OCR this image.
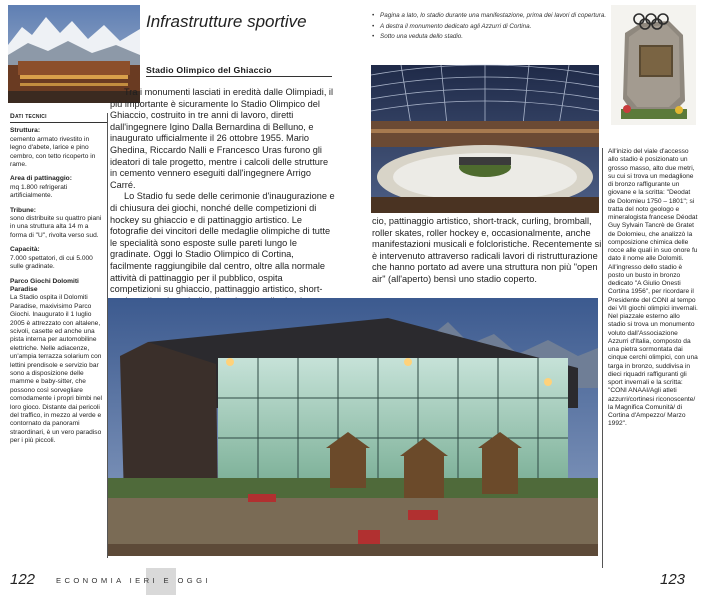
Infrastrutture sportive
•	Pagina a lato, lo stadio durante una manifestazione, prima dei lavori di copertura.
• A destra il monumento dedicato agli Azzurri di Cortina.
• Sotto una veduta dello stadio.
Dati tecnici
Struttura:
cemento armato rivestito in legno d'abete, larice e pino cembro, con tetto ricoperto in rame.
Area di pattinaggio:
mq 1.800 refrigerati artificialmente.
Tribune:
sono distribuite su quattro piani in una struttura alta 14 m a forma di "U", rivolta verso sud.
Capacità:
7.000 spettatori, di cui 5.000 sulle gradinate.
Parco Giochi Dolomiti Paradise
La Stadio ospita il Dolomiti Paradise, maxivisimo Parco Giochi. Inaugurato il 1 luglio 2005 è attrezzato con altalene, scivoli, casette ed anche una pista interna per automobiline elettriche. Nelle adiacenze, un'ampia terrazza solarium con lettini prendisole e servizio bar sono a disposizione delle mamme e baby-sitter, che possono così sorvegliare comodamente i propri bimbi nel loro gioco. Distante dai pericoli del traffico, in mezzo al verde e contornato da panorami straordinari, è un vero paradiso per i più piccoli.
Stadio Olimpico del Ghiaccio

Tra i monumenti lasciati in eredità dalle Olimpiadi, il più importante è sicuramente lo Stadio Olimpico del Ghiaccio, costruito in tre anni di lavoro, diretti dall'ingegnere Igino Dalla Bernardina di Belluno, e inaugurato ufficialmente il 26 ottobre 1955. Mario Ghedina, Riccardo Nalli e Francesco Uras furono gli ideatori di tale progetto, mentre i calcoli delle strutture in cemento vennero eseguiti dall'ingegnere Arrigo Carré.

Lo Stadio fu sede delle cerimonie d'inaugurazione e di chiusura dei giochi, nonché delle competizioni di hockey su ghiaccio e di pattinaggio artistico. Le fotografie dei vincitori delle medaglie olimpiche di tutte le specialità sono esposte sulle pareti lungo le gradinate. Oggi lo Stadio Olimpico di Cortina, facilmente raggiungibile dal centro, oltre alla normale attività di pattinaggio per il pubblico, ospita competizioni su ghiaccio, pattinaggio artistico, short-

cio, pattinaggio artistico, short-track, curling, bromball, roller skates, roller hockey e, occasionalmente, anche manifestazioni musicali e folcloristiche. Recentemente si è intervenuto attraverso radicali lavori di ristrutturazione che hanno portato ad avere una struttura non più "open air" (all'aperto) bensì uno stadio coperto.
All'inizio del viale d'accesso allo stadio è posizionato un grosso masso, alto due metri, su cui si trova un medaglione di bronzo raffigurante un giovane e la scritta: "Deodat de Dolomieu 1750 – 1801"; si tratta del noto geologo e mineralogista francese Déodat Guy Sylvain Tancrè de Gratet de Dolomieu, che analizzò la composizione chimica delle rocce alle quali in suo onore fu dato il nome alle Dolomiti. All'ingresso dello stadio è posto un busto in bronzo dedicato "A Giulio Onesti Cortina 1956", per ricordare il Presidente del CONI al tempo dei VII giochi olimpici invernali. Nel piazzale esterno allo stadio si trova un monumento voluto dall'Associazione Azzurri d'Italia, composto da una pietra sormontata dai cinque cerchi olimpici, con una targa in bronzo, suddivisa in dieci riquadri raffiguranti gli sport invernali e la scritta: "CONI ANAAI/Agli atleti azzurri/cortinesi riconoscente/ la Magnifica Comunità/ di Cortina d'Ampezzo/ Marzo 1992".
122	ECONOMIA IERI E OGGI	123
